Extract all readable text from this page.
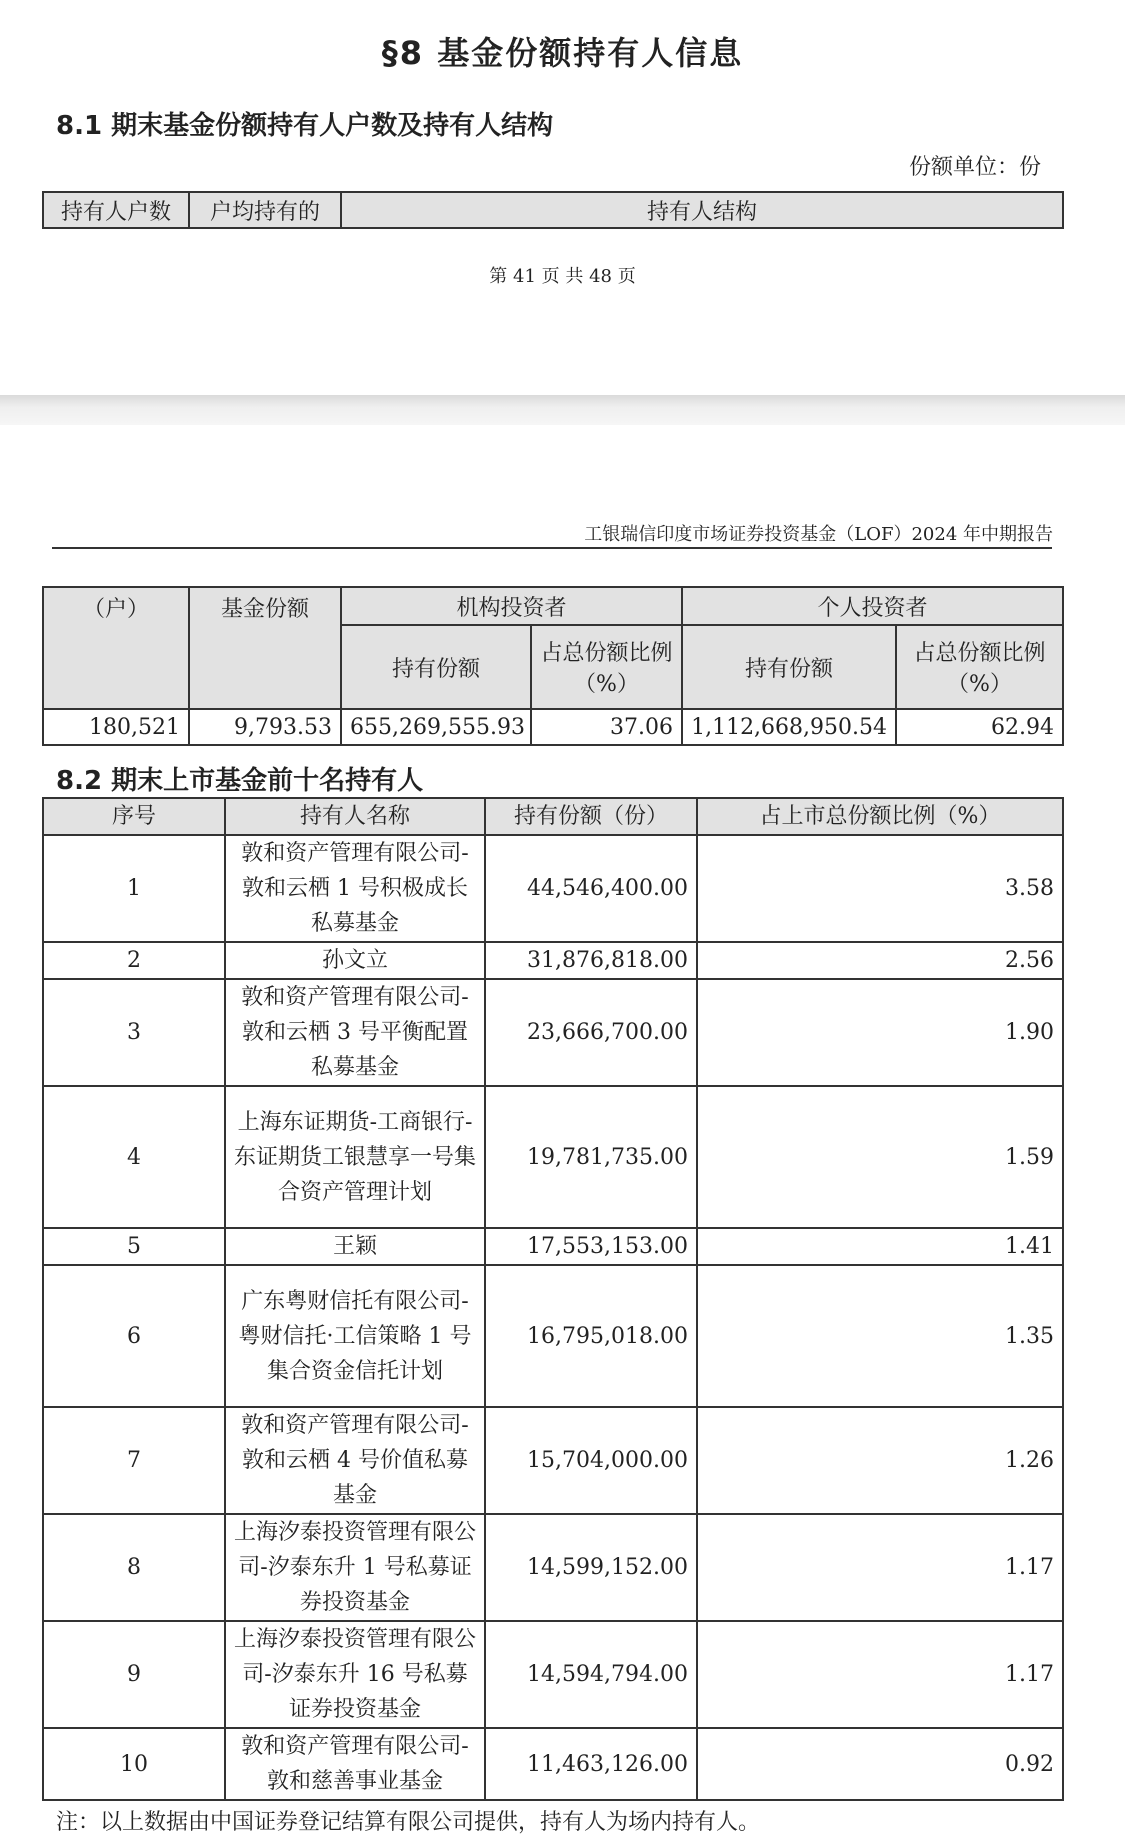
§8 基金份额持有人信息
8.1 期末基金份额持有人户数及持有人结构
份额单位：份
持有人户数	户均持有的	持有人结构
第 41 页 共 48 页
工银瑞信印度市场证券投资基金（LOF）2024 年中期报告
（户）	基金份额	机构投资者		个人投资者	
		持有份额	占总份额比例（%）	持有份额	占总份额比例（%）
180,521	9,793.53	655,269,555.93	37.06	1,112,668,950.54	62.94
8.2 期末上市基金前十名持有人
序号	持有人名称	持有份额（份）	占上市总份额比例（%）
1	敦和资产管理有限公司-敦和云栖 1 号积极成长私募基金	44,546,400.00	3.58
2	孙文立	31,876,818.00	2.56
3	敦和资产管理有限公司-敦和云栖 3 号平衡配置私募基金	23,666,700.00	1.90
4	上海东证期货-工商银行-东证期货工银慧享一号集合资产管理计划	19,781,735.00	1.59
5	王颖	17,553,153.00	1.41
6	广东粤财信托有限公司-粤财信托·工信策略 1 号集合资金信托计划	16,795,018.00	1.35
7	敦和资产管理有限公司-敦和云栖 4 号价值私募基金	15,704,000.00	1.26
8	上海汐泰投资管理有限公司-汐泰东升 1 号私募证券投资基金	14,599,152.00	1.17
9	上海汐泰投资管理有限公司-汐泰东升 16 号私募证券投资基金	14,594,794.00	1.17
10	敦和资产管理有限公司-敦和慈善事业基金	11,463,126.00	0.92
注：以上数据由中国证券登记结算有限公司提供，持有人为场内持有人。
